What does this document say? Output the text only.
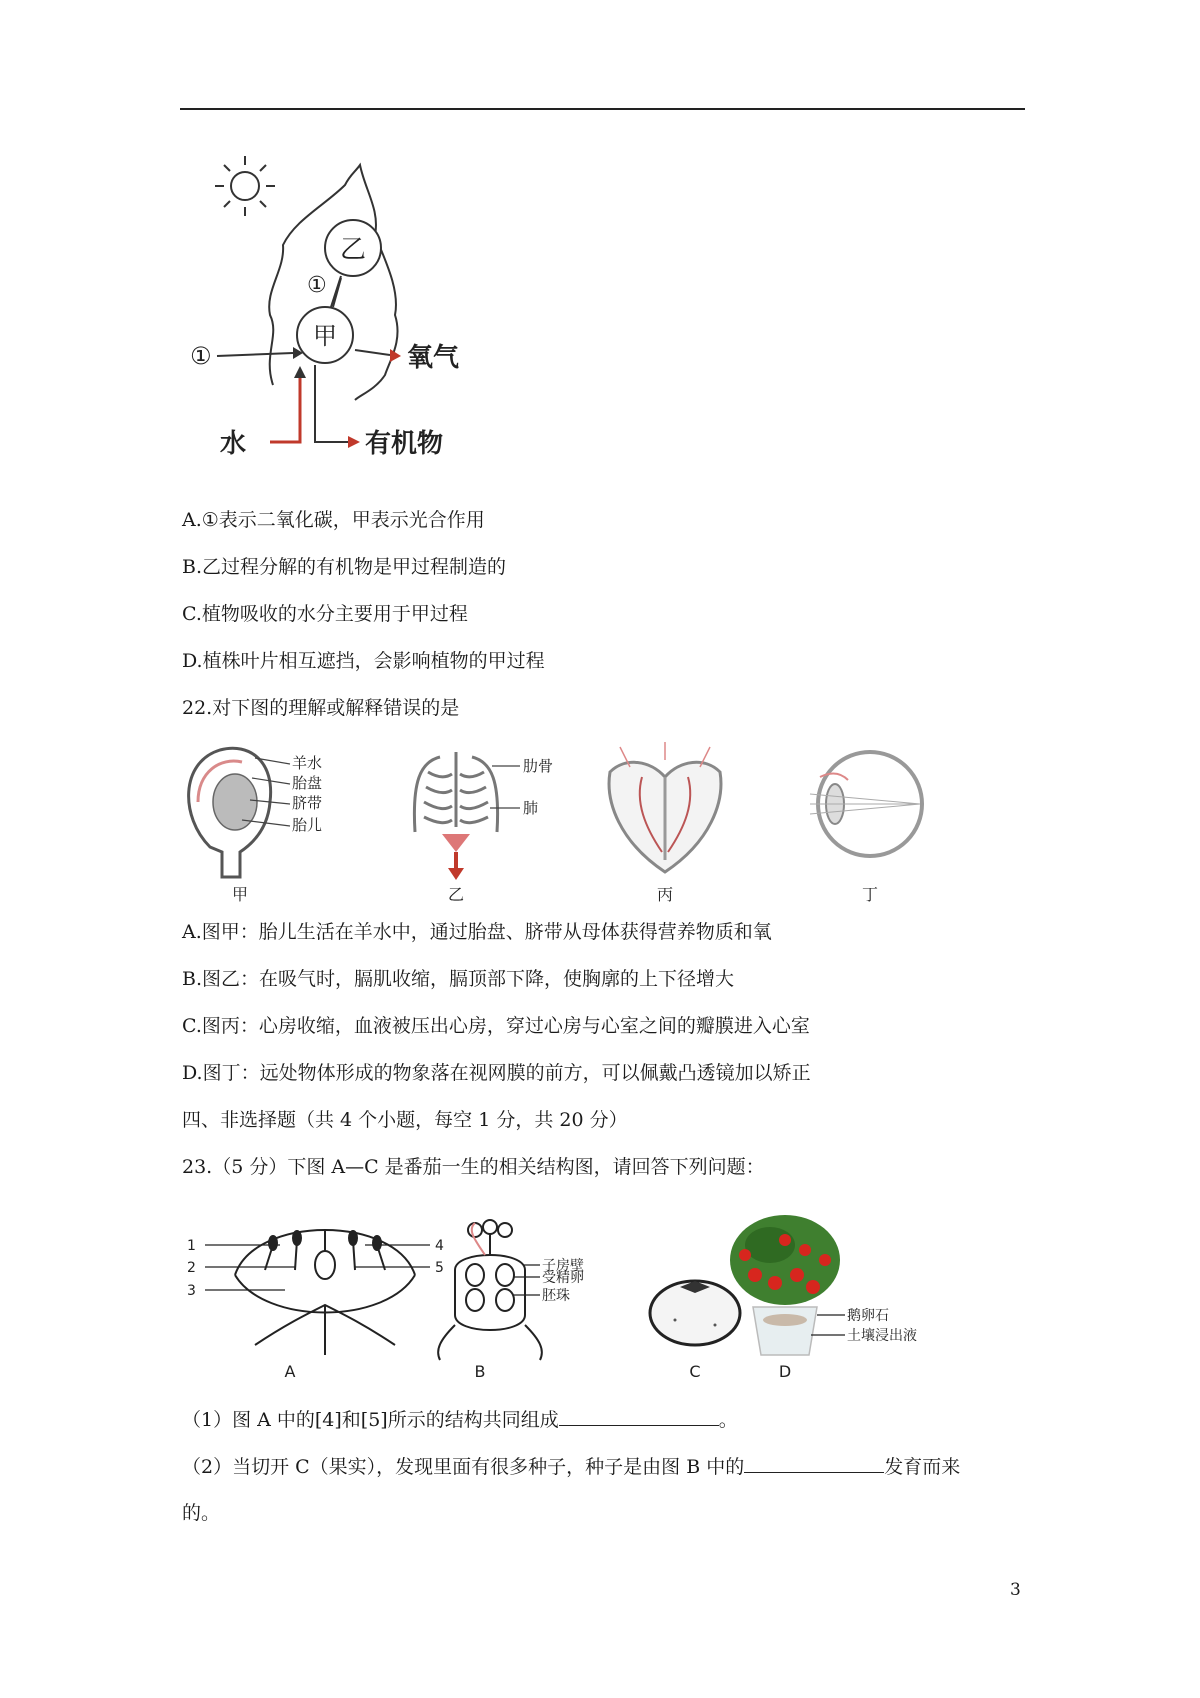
乙
甲
①
①	氧气
水	有机物
A.①表示二氧化碳，甲表示光合作用
B.乙过程分解的有机物是甲过程制造的
C.植物吸收的水分主要用于甲过程
D.植株叶片相互遮挡，会影响植物的甲过程
22.对下图的理解或解释错误的是
羊水
胎盘
脐带
胎儿
甲
肋骨
肺
乙	丙	丁
A.图甲：胎儿生活在羊水中，通过胎盘、脐带从母体获得营养物质和氧
B.图乙：在吸气时，膈肌收缩，膈顶部下降，使胸廓的上下径增大
C.图丙：心房收缩，血液被压出心房，穿过心房与心室之间的瓣膜进入心室
D.图丁：远处物体形成的物象落在视网膜的前方，可以佩戴凸透镜加以矫正
四、非选择题（共 4 个小题，每空 1 分，共 20 分）
23.（5 分）下图 A—C 是番茄一生的相关结构图，请回答下列问题：
1
2
3
4
5
A
子房壁
受精卵
胚珠
B	C
鹅卵石
土壤浸出液
D
（1）图 A 中的[4]和[5]所示的结构共同组成	。
（2）当切开 C（果实），发现里面有很多种子，种子是由图 B 中的	发育而来
的。
3
